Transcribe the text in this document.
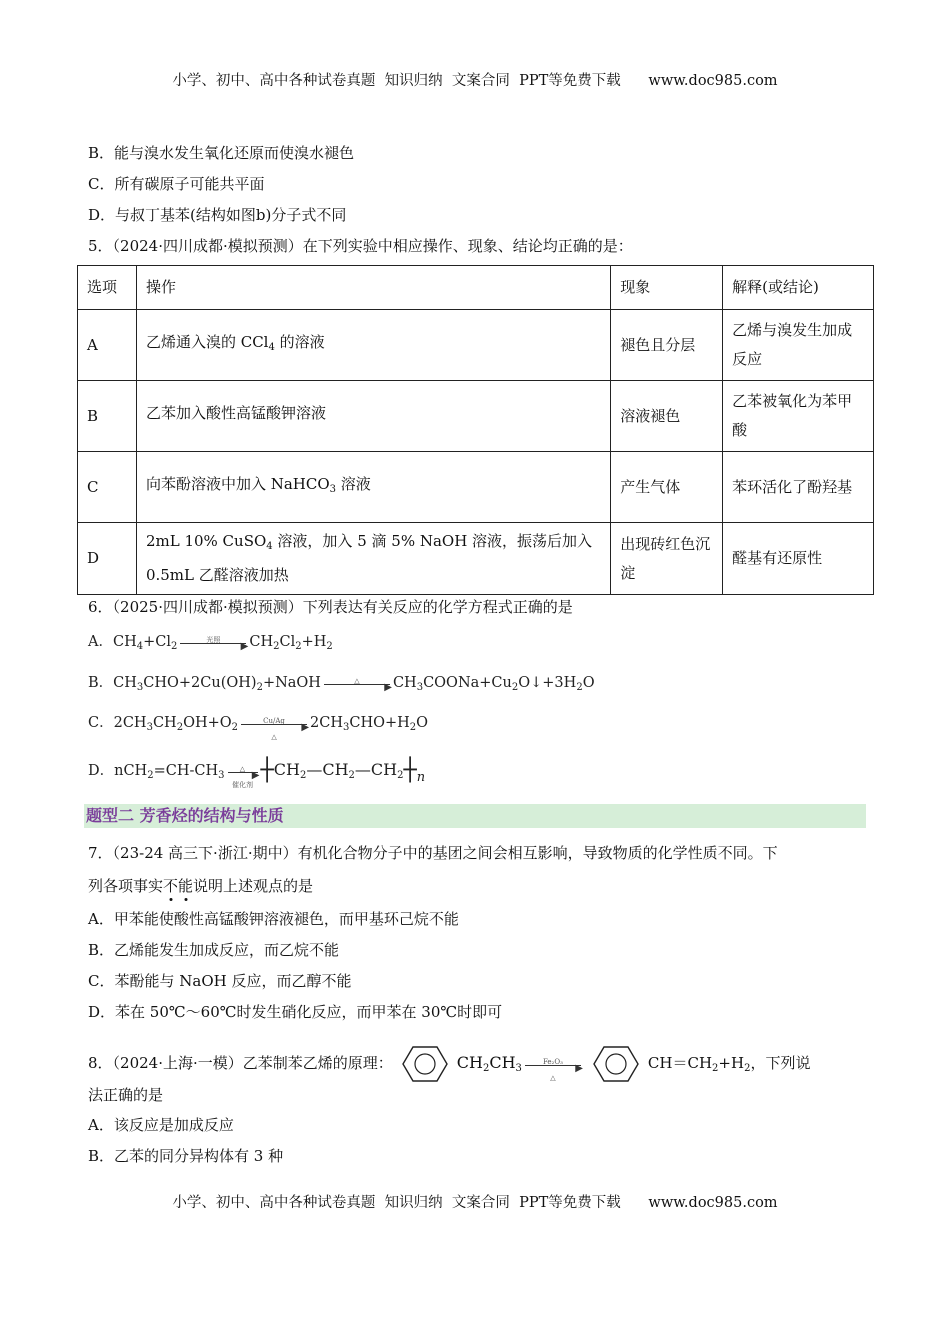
小学、初中、高中各种试卷真题  知识归纳  文案合同  PPT等免费下载      www.doc985.com
B．能与溴水发生氧化还原而使溴水褪色
C．所有碳原子可能共平面
D．与叔丁基苯(结构如图b)分子式不同
5．（2024·四川成都·模拟预测）在下列实验中相应操作、现象、结论均正确的是：
选项	操作	现象	解释(或结论)
A	乙烯通入溴的 CCl$_4$ 的溶液	褪色且分层	乙烯与溴发生加成反应
B	乙苯加入酸性高锰酸钾溶液	溶液褪色	乙苯被氧化为苯甲酸
C	向苯酚溶液中加入 NaHCO$_3$ 溶液	产生气体	苯环活化了酚羟基
D	2mL 10% CuSO$_4$ 溶液，加入 5 滴 5% NaOH 溶液，振荡后加入 0.5mL 乙醛溶液加热	出现砖红色沉淀	醛基有还原性
6．（2025·四川成都·模拟预测）下列表达有关反应的化学方程式正确的是
A．$CH_4+Cl_2$
光照
▶ $CH_2Cl_2+H_2$
B．$CH_3CHO+2Cu(OH)_2+NaOH$	△
▶ $CH_3COONa+Cu_2O↓+3H_2O$
C．$2CH_3CH_2OH+O_2$
Cu/Ag
▶
△
$2CH_3CHO+H_2O$
D．$nCH_2=CH-CH_3$
△
▶
催化剂
$┼CH_2—CH_2—CH_2┼_n$
题型二 芳香烃的结构与性质
7．（23-24 高三下·浙江·期中）有机化合物分子中的基团之间会相互影响，导致物质的化学性质不同。下
列各项事实不能说明上述观点的是
A．甲苯能使酸性高锰酸钾溶液褪色，而甲基环己烷不能
B．乙烯能发生加成反应，而乙烷不能
C．苯酚能与 NaOH 反应，而乙醇不能
D．苯在 50℃～60℃时发生硝化反应，而甲苯在 30℃时即可
8．（2024·上海·一模）乙苯制苯乙烯的原理：	$CH_2CH_3$
Fe₂O₃
▶
△
$CH=CH_2+H_2$，下列说
法正确的是
A．该反应是加成反应
B．乙苯的同分异构体有 3 种
小学、初中、高中各种试卷真题  知识归纳  文案合同  PPT等免费下载      www.doc985.com
